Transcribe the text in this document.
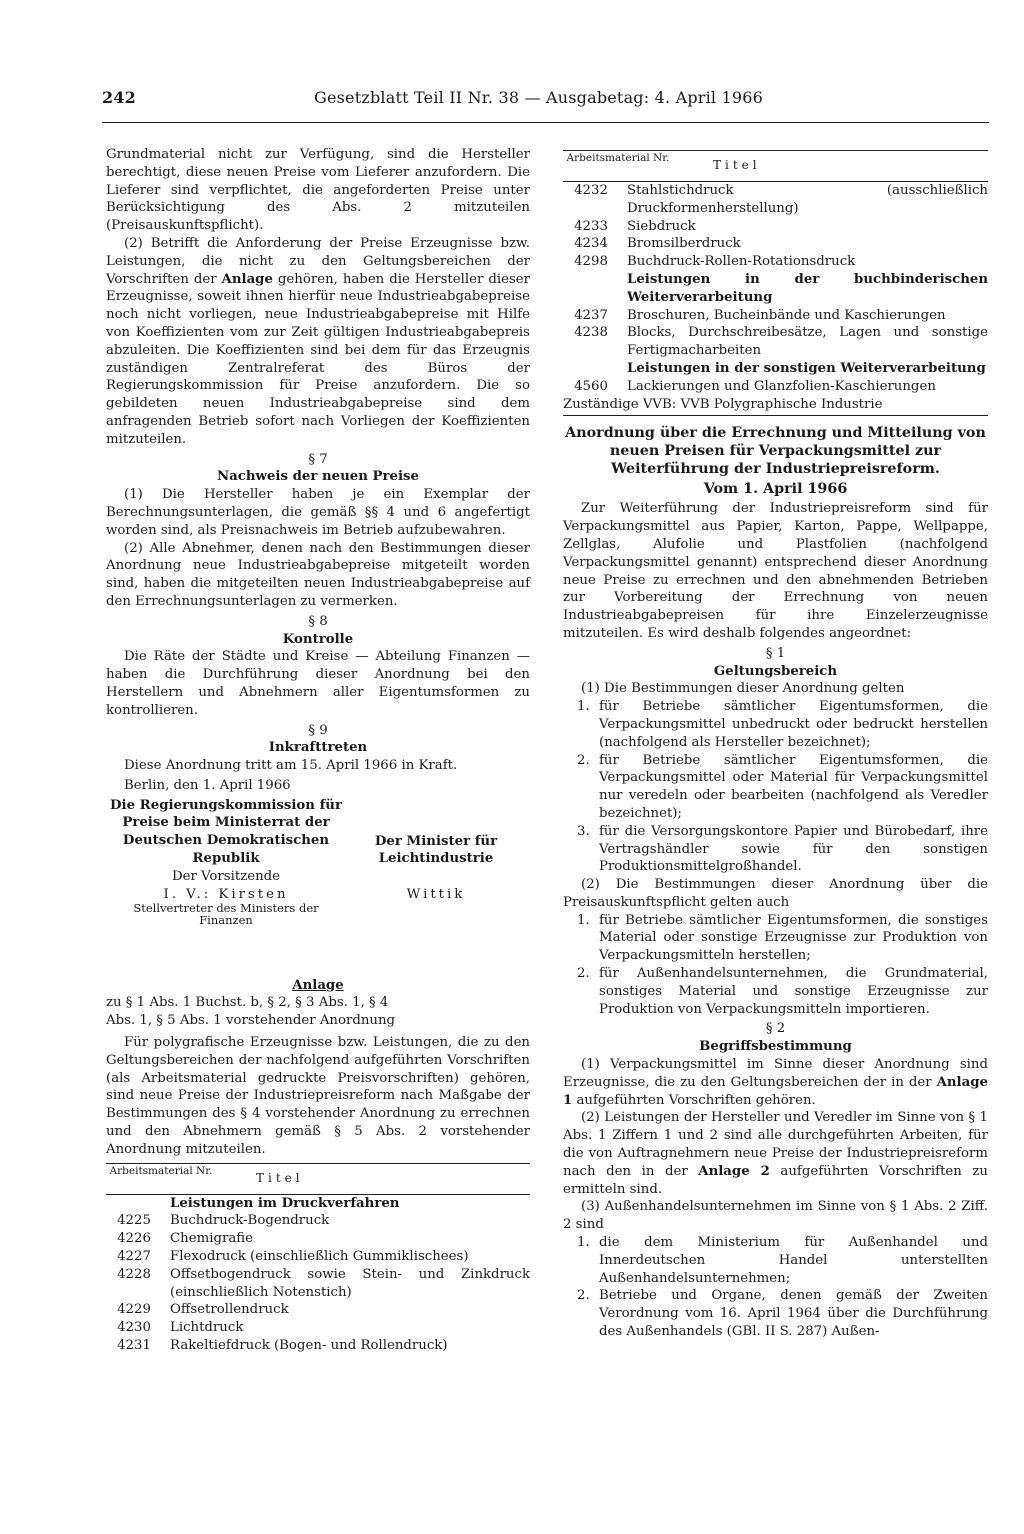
242	Gesetzblatt Teil II Nr. 38 — Ausgabetag: 4. April 1966

Grundmaterial nicht zur Verfügung, sind die Hersteller berechtigt, diese neuen Preise vom Lieferer anzufordern. Die Lieferer sind verpflichtet, die angeforderten Preise unter Berücksichtigung des Abs. 2 mitzuteilen (Preisauskunftspflicht).

(2) Betrifft die Anforderung der Preise Erzeugnisse bzw. Leistungen, die nicht zu den Geltungsbereichen der Vorschriften der Anlage gehören, haben die Hersteller dieser Erzeugnisse, soweit ihnen hierfür neue Industrieabgabepreise noch nicht vorliegen, neue Industrieabgabepreise mit Hilfe von Koeffizienten vom zur Zeit gültigen Industrieabgabepreis abzuleiten. Die Koeffizienten sind bei dem für das Erzeugnis zuständigen Zentralreferat des Büros der Regierungskommission für Preise anzufordern. Die so gebildeten neuen Industrieabgabepreise sind dem anfragenden Betrieb sofort nach Vorliegen der Koeffizienten mitzuteilen.

§ 7

Nachweis der neuen Preise

(1) Die Hersteller haben je ein Exemplar der Berechnungsunterlagen, die gemäß §§ 4 und 6 angefertigt worden sind, als Preisnachweis im Betrieb aufzubewahren.

(2) Alle Abnehmer, denen nach den Bestimmungen dieser Anordnung neue Industrieabgabepreise mitgeteilt worden sind, haben die mitgeteilten neuen Industrieabgabepreise auf den Errechnungsunterlagen zu vermerken.

§ 8

Kontrolle

Die Räte der Städte und Kreise — Abteilung Finanzen — haben die Durchführung dieser Anordnung bei den Herstellern und Abnehmern aller Eigentumsformen zu kontrollieren.

§ 9

Inkrafttreten

Diese Anordnung tritt am 15. April 1966 in Kraft.

Berlin, den 1. April 1966

Die Regierungskommission für Preise beim Ministerrat der Deutschen Demokratischen Republik

Der Vorsitzende

I. V.: Kirsten

Stellvertreter des Ministers der Finanzen

Der Minister für Leichtindustrie

Wittik

Anlage

zu § 1 Abs. 1 Buchst. b, § 2, § 3 Abs. 1, § 4 Abs. 1, § 5 Abs. 1 vorstehender Anordnung

Für polygrafische Erzeugnisse bzw. Leistungen, die zu den Geltungsbereichen der nachfolgend aufgeführten Vorschriften (als Arbeitsmaterial gedruckte Preisvorschriften) gehören, sind neue Preise der Industriepreisreform nach Maßgabe der Bestimmungen des § 4 vorstehender Anordnung zu errechnen und den Abnehmern gemäß § 5 Abs. 2 vorstehender Anordnung mitzuteilen.

Arbeitsmaterial Nr.	Titel
Leistungen im Druckverfahren	
4225	Buchdruck-Bogendruck
4226	Chemigrafie
4227	Flexodruck (einschließlich Gummiklischees)
4228	Offsetbogendruck sowie Stein- und Zinkdruck (einschließlich Notenstich)
4229	Offsetrollendruck
4230	Lichtdruck
4231	Rakeltiefdruck (Bogen- und Rollendruck)
Arbeitsmaterial Nr.	Titel
4232	Stahlstichdruck (ausschließlich Druckformenherstellung)
4233	Siebdruck
4234	Bromsilberdruck
4298	Buchdruck-Rollen-Rotationsdruck
Leistungen in der buchbinderischen Weiterverarbeitung	
4237	Broschuren, Bucheinbände und Kaschierungen
4238	Blocks, Durchschreibesätze, Lagen und sonstige Fertigmacharbeiten
Leistungen in der sonstigen Weiterverarbeitung	
4560	Lackierungen und Glanzfolien-Kaschierungen

Zuständige VVB: VVB Polygraphische Industrie

Anordnung über die Errechnung und Mitteilung von neuen Preisen für Verpackungsmittel zur Weiterführung der Industriepreisreform.

Vom 1. April 1966

Zur Weiterführung der Industriepreisreform sind für Verpackungsmittel aus Papier, Karton, Pappe, Wellpappe, Zellglas, Alufolie und Plastfolien (nachfolgend Verpackungsmittel genannt) entsprechend dieser Anordnung neue Preise zu errechnen und den abnehmenden Betrieben zur Vorbereitung der Errechnung von neuen Industrieabgabepreisen für ihre Einzelerzeugnisse mitzuteilen. Es wird deshalb folgendes angeordnet:

§ 1

Geltungsbereich

(1) Die Bestimmungen dieser Anordnung gelten

1. für Betriebe sämtlicher Eigentumsformen, die Verpackungsmittel unbedruckt oder bedruckt herstellen (nachfolgend als Hersteller bezeichnet);
2. für Betriebe sämtlicher Eigentumsformen, die Verpackungsmittel oder Material für Verpackungsmittel nur veredeln oder bearbeiten (nachfolgend als Veredler bezeichnet);
3. für die Versorgungskontore Papier und Bürobedarf, ihre Vertragshändler sowie für den sonstigen Produktionsmittelgroßhandel.

(2) Die Bestimmungen dieser Anordnung über die Preisauskunftspflicht gelten auch

1. für Betriebe sämtlicher Eigentumsformen, die sonstiges Material oder sonstige Erzeugnisse zur Produktion von Verpackungsmitteln herstellen;
2. für Außenhandelsunternehmen, die Grundmaterial, sonstiges Material und sonstige Erzeugnisse zur Produktion von Verpackungsmitteln importieren.

§ 2

Begriffsbestimmung

(1) Verpackungsmittel im Sinne dieser Anordnung sind Erzeugnisse, die zu den Geltungsbereichen der in der Anlage 1 aufgeführten Vorschriften gehören.

(2) Leistungen der Hersteller und Veredler im Sinne von § 1 Abs. 1 Ziffern 1 und 2 sind alle durchgeführten Arbeiten, für die von Auftragnehmern neue Preise der Industriepreisreform nach den in der Anlage 2 aufgeführten Vorschriften zu ermitteln sind.

(3) Außenhandelsunternehmen im Sinne von § 1 Abs. 2 Ziff. 2 sind

1. die dem Ministerium für Außenhandel und Innerdeutschen Handel unterstellten Außenhandelsunternehmen;
2. Betriebe und Organe, denen gemäß der Zweiten Verordnung vom 16. April 1964 über die Durchführung des Außenhandels (GBl. II S. 287) Außen-
